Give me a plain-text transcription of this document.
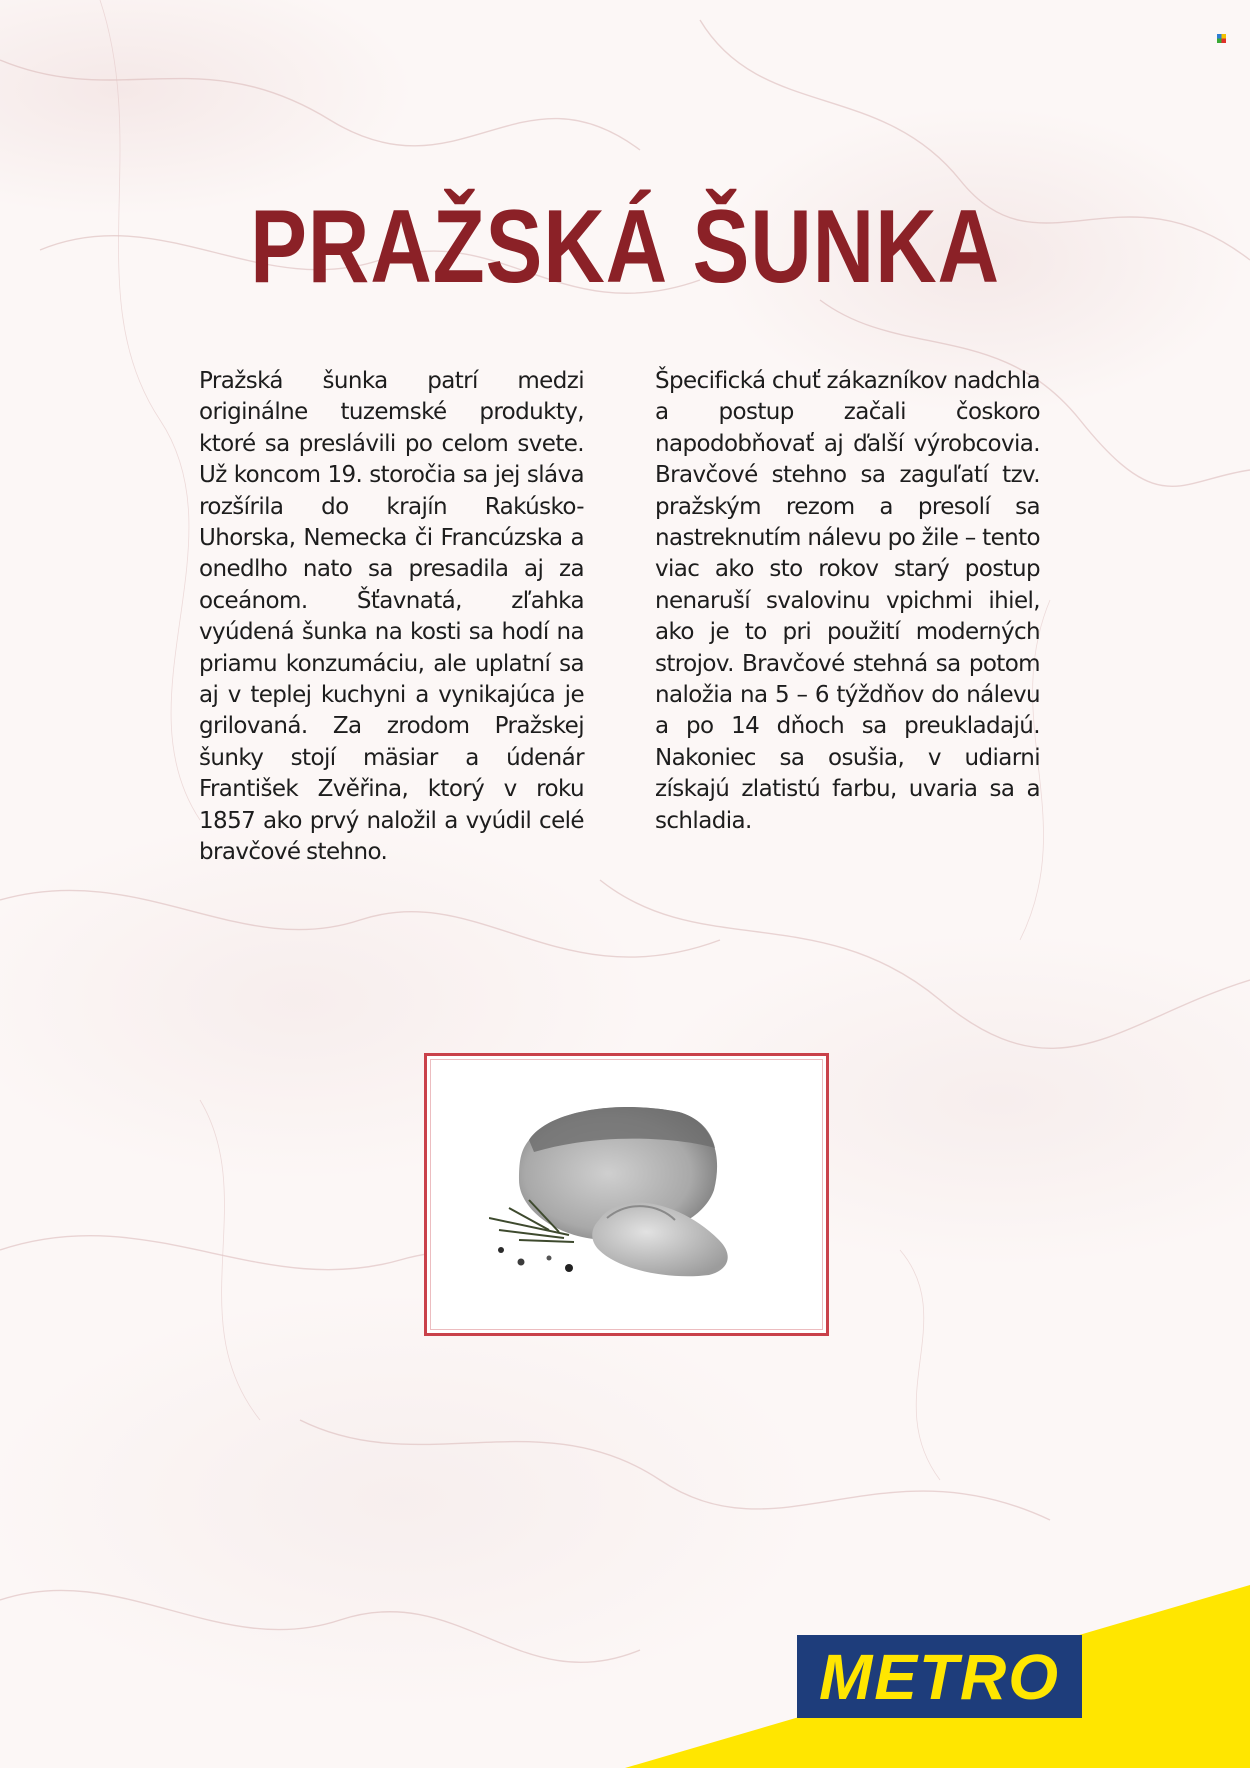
PRAŽSKÁ ŠUNKA
Pražská šunka patrí medzi originálne tuzemské produkty, ktoré sa preslávili po celom svete. Už koncom 19. storočia sa jej sláva rozšírila do krajín Rakúsko-Uhorska, Nemecka či Francúzska a onedlho nato sa presadila aj za oceánom. Šťavnatá, zľahka vyúdená šunka na kosti sa hodí na priamu konzumáciu, ale uplatní sa aj v teplej kuchyni a vynikajúca je grilovaná. Za zrodom Pražskej šunky stojí mäsiar a údenár František Zvěřina, ktorý v roku 1857 ako prvý naložil a vyúdil celé bravčové stehno.
Špecifická chuť zákazníkov nadchla a postup začali čoskoro napodobňovať aj ďalší výrobcovia. Bravčové stehno sa zaguľatí tzv. pražským rezom a presolí sa nastreknutím nálevu po žile – tento viac ako sto rokov starý postup nenaruší svalovinu vpichmi ihiel, ako je to pri použití moderných strojov. Bravčové stehná sa potom naložia na 5 – 6 týždňov do nálevu a po 14 dňoch sa preukladajú. Nakoniec sa osušia, v udiarni získajú zlatistú farbu, uvaria sa a schladia.
METRO
